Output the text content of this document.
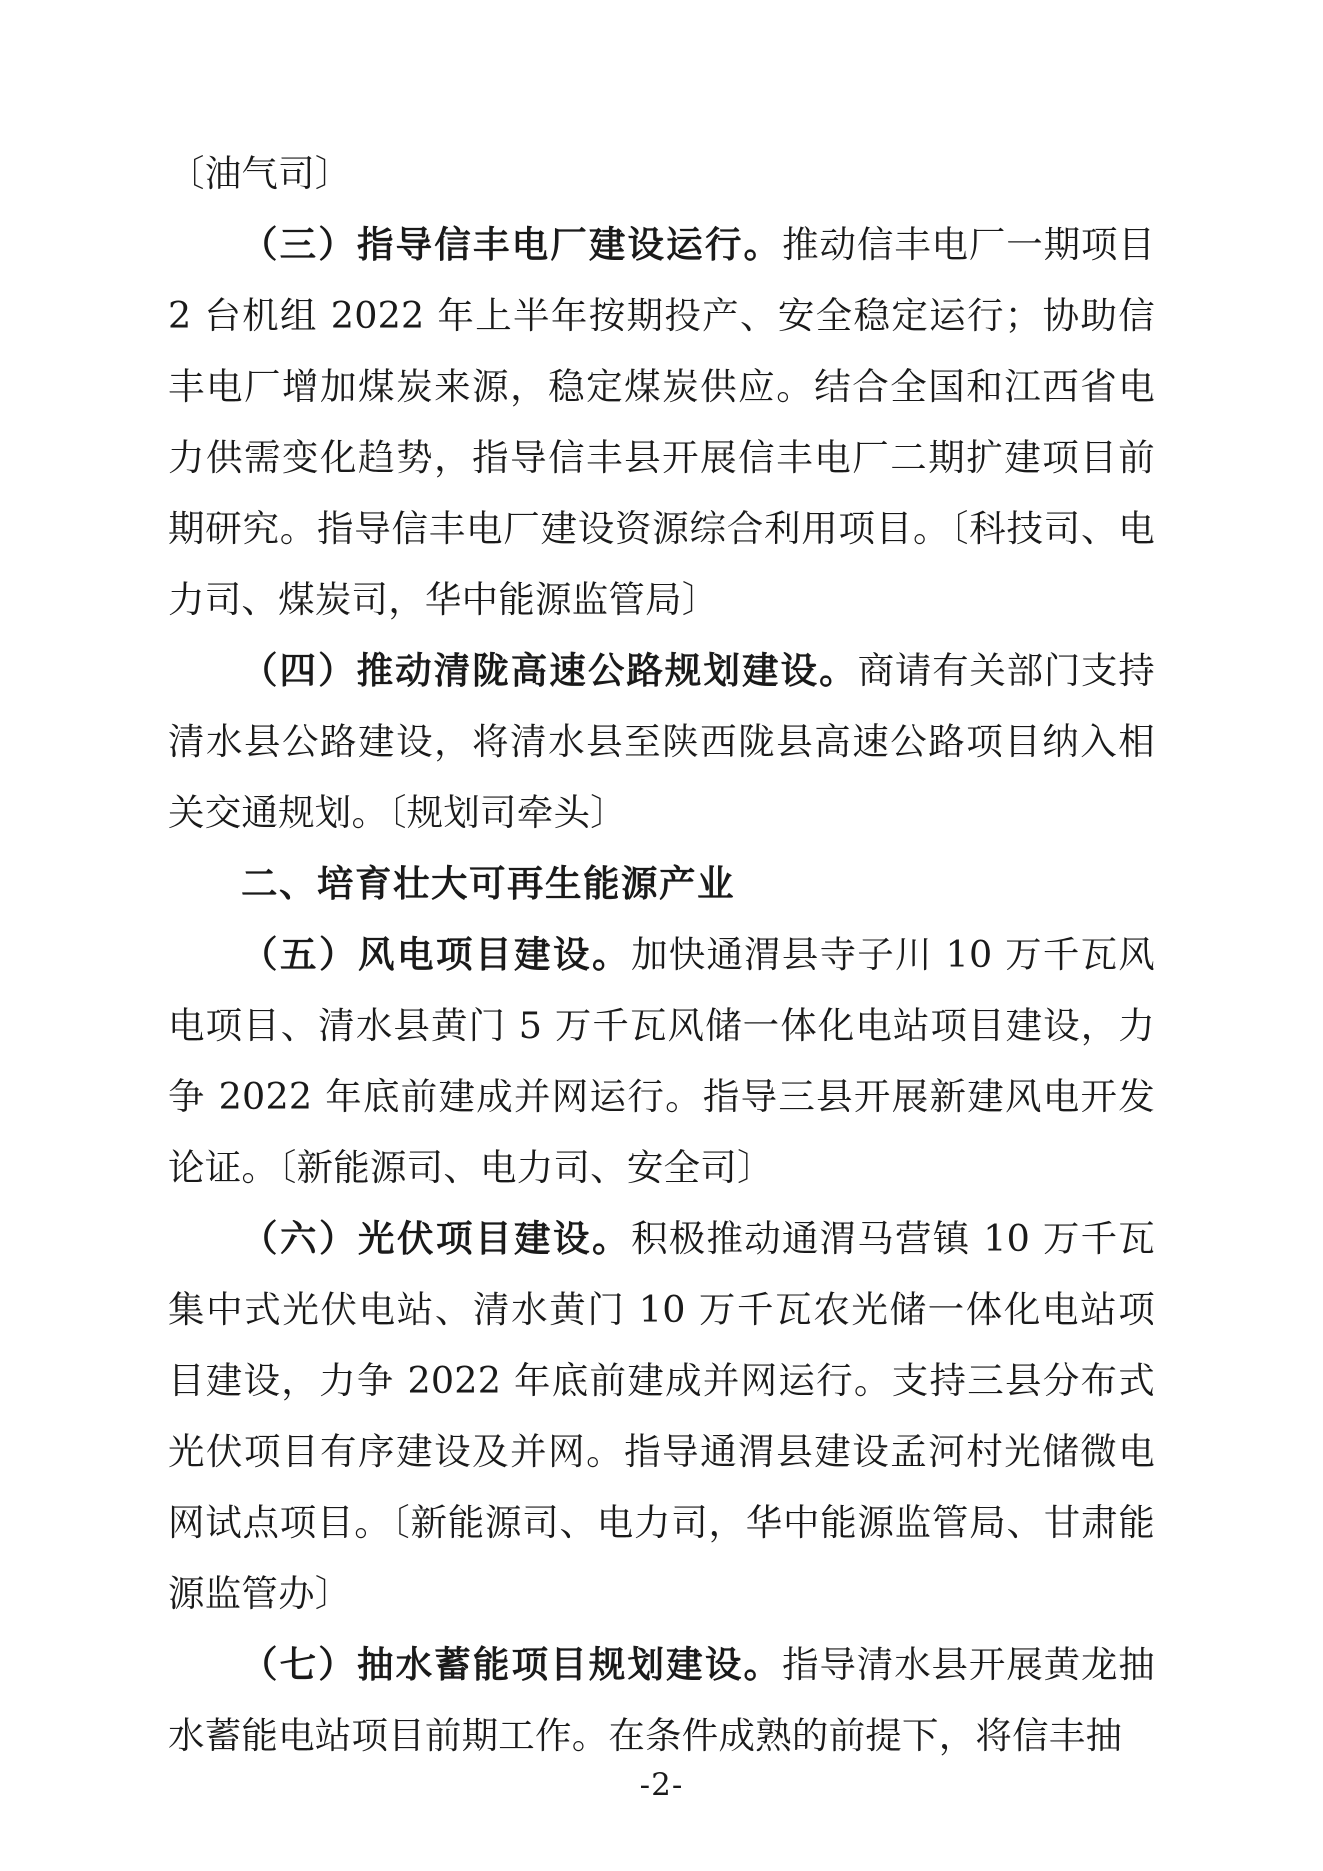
〔油气司〕

（三）指导信丰电厂建设运行。推动信丰电厂一期项目 2 台机组 2022 年上半年按期投产、安全稳定运行；协助信丰电厂增加煤炭来源，稳定煤炭供应。结合全国和江西省电力供需变化趋势，指导信丰县开展信丰电厂二期扩建项目前期研究。指导信丰电厂建设资源综合利用项目。〔科技司、电力司、煤炭司，华中能源监管局〕

（四）推动清陇高速公路规划建设。商请有关部门支持清水县公路建设，将清水县至陕西陇县高速公路项目纳入相关交通规划。〔规划司牵头〕

二、培育壮大可再生能源产业

（五）风电项目建设。加快通渭县寺子川 10 万千瓦风电项目、清水县黄门 5 万千瓦风储一体化电站项目建设，力争 2022 年底前建成并网运行。指导三县开展新建风电开发论证。〔新能源司、电力司、安全司〕

（六）光伏项目建设。积极推动通渭马营镇 10 万千瓦集中式光伏电站、清水黄门 10 万千瓦农光储一体化电站项目建设，力争 2022 年底前建成并网运行。支持三县分布式光伏项目有序建设及并网。指导通渭县建设孟河村光储微电网试点项目。〔新能源司、电力司，华中能源监管局、甘肃能源监管办〕

（七）抽水蓄能项目规划建设。指导清水县开展黄龙抽水蓄能电站项目前期工作。在条件成熟的前提下，将信丰抽

-2-
